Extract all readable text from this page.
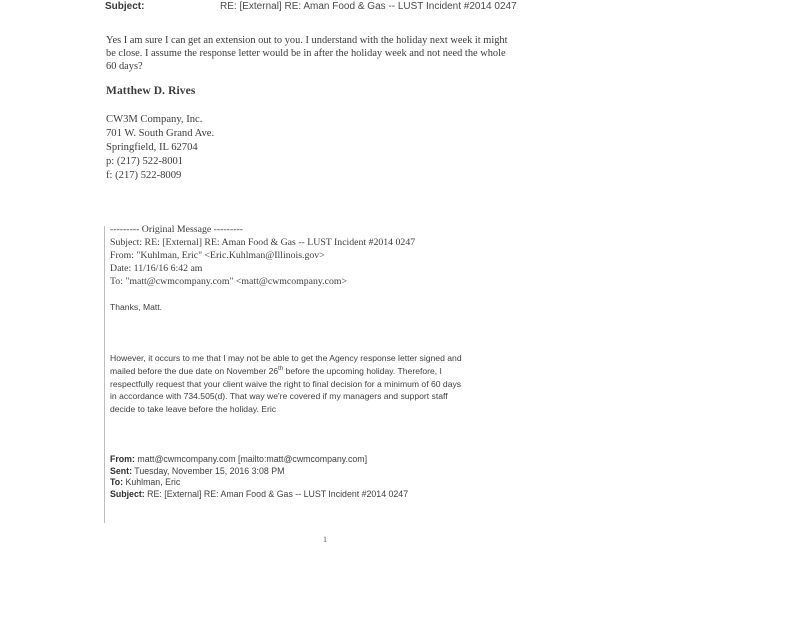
Subject:	RE: [External] RE: Aman Food & Gas -- LUST Incident #2014 0247
Yes I am sure I can get an extension out to you. I understand with the holiday next week it might
be close. I assume the response letter would be in after the holiday week and not need the whole
60 days?
Matthew D. Rives
CW3M Company, Inc.
701 W. South Grand Ave.
Springfield, IL 62704
p: (217) 522-8001
f: (217) 522-8009
--------- Original Message ---------
Subject: RE: [External] RE: Aman Food & Gas -- LUST Incident #2014 0247
From: "Kuhlman, Eric" <Eric.Kuhlman@Illinois.gov>
Date: 11/16/16 6:42 am
To: "matt@cwmcompany.com" <matt@cwmcompany.com>
Thanks, Matt.
However, it occurs to me that I may not be able to get the Agency response letter signed and
mailed before the due date on November 26th before the upcoming holiday. Therefore, I
respectfully request that your client waive the right to final decision for a minimum of 60 days
in accordance with 734.505(d). That way we're covered if my managers and support staff
decide to take leave before the holiday. Eric
From: matt@cwmcompany.com [mailto:matt@cwmcompany.com]
Sent: Tuesday, November 15, 2016 3:08 PM
To: Kuhlman, Eric
Subject: RE: [External] RE: Aman Food & Gas -- LUST Incident #2014 0247
1
